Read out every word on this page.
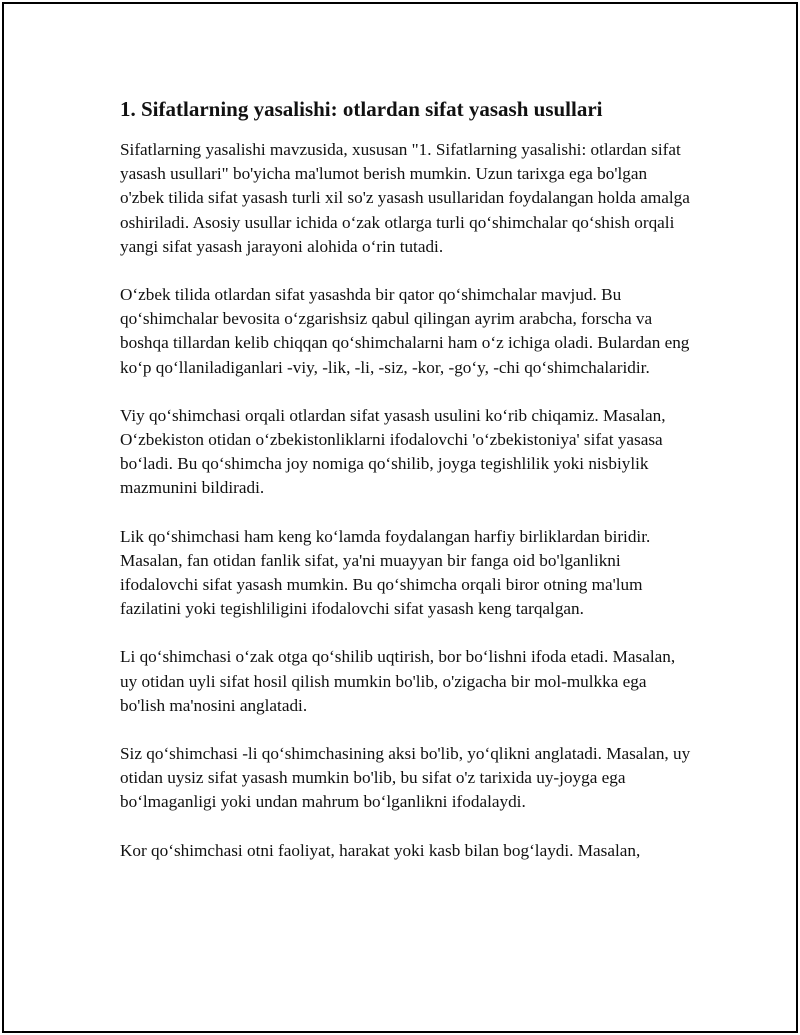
1. Sifatlarning yasalishi: otlardan sifat yasash usullari

Sifatlarning yasalishi mavzusida, xususan "1. Sifatlarning yasalishi: otlardan sifat yasash usullari" bo'yicha ma'lumot berish mumkin. Uzun tarixga ega bo'lgan o'zbek tilida sifat yasash turli xil so'z yasash usullaridan foydalangan holda amalga oshiriladi. Asosiy usullar ichida o‘zak otlarga turli qo‘shimchalar qo‘shish orqali yangi sifat yasash jarayoni alohida o‘rin tutadi.

O‘zbek tilida otlardan sifat yasashda bir qator qo‘shimchalar mavjud. Bu qo‘shimchalar bevosita o‘zgarishsiz qabul qilingan ayrim arabcha, forscha va boshqa tillardan kelib chiqqan qo‘shimchalarni ham o‘z ichiga oladi. Bulardan eng ko‘p qo‘llaniladiganlari -viy, -lik, -li, -siz, -kor, -go‘y, -chi qo‘shimchalaridir.

Viy qo‘shimchasi orqali otlardan sifat yasash usulini ko‘rib chiqamiz. Masalan, O‘zbekiston otidan o‘zbekistonliklarni ifodalovchi 'o‘zbekistoniya' sifat yasasa bo‘ladi. Bu qo‘shimcha joy nomiga qo‘shilib, joyga tegishlilik yoki nisbiylik mazmunini bildiradi.

Lik qo‘shimchasi ham keng ko‘lamda foydalangan harfiy birliklardan biridir. Masalan, fan otidan fanlik sifat, ya'ni muayyan bir fanga oid bo'lganlikni ifodalovchi sifat yasash mumkin. Bu qo‘shimcha orqali biror otning ma'lum fazilatini yoki tegishliligini ifodalovchi sifat yasash keng tarqalgan.

Li qo‘shimchasi o‘zak otga qo‘shilib uqtirish, bor bo‘lishni ifoda etadi. Masalan, uy otidan uyli sifat hosil qilish mumkin bo'lib, o'zigacha bir mol-mulkka ega bo'lish ma'nosini anglatadi.

Siz qo‘shimchasi -li qo‘shimchasining aksi bo'lib, yo‘qlikni anglatadi. Masalan, uy otidan uysiz sifat yasash mumkin bo'lib, bu sifat o'z tarixida uy-joyga ega bo‘lmaganligi yoki undan mahrum bo‘lganlikni ifodalaydi.

Kor qo‘shimchasi otni faoliyat, harakat yoki kasb bilan bog‘laydi. Masalan,
